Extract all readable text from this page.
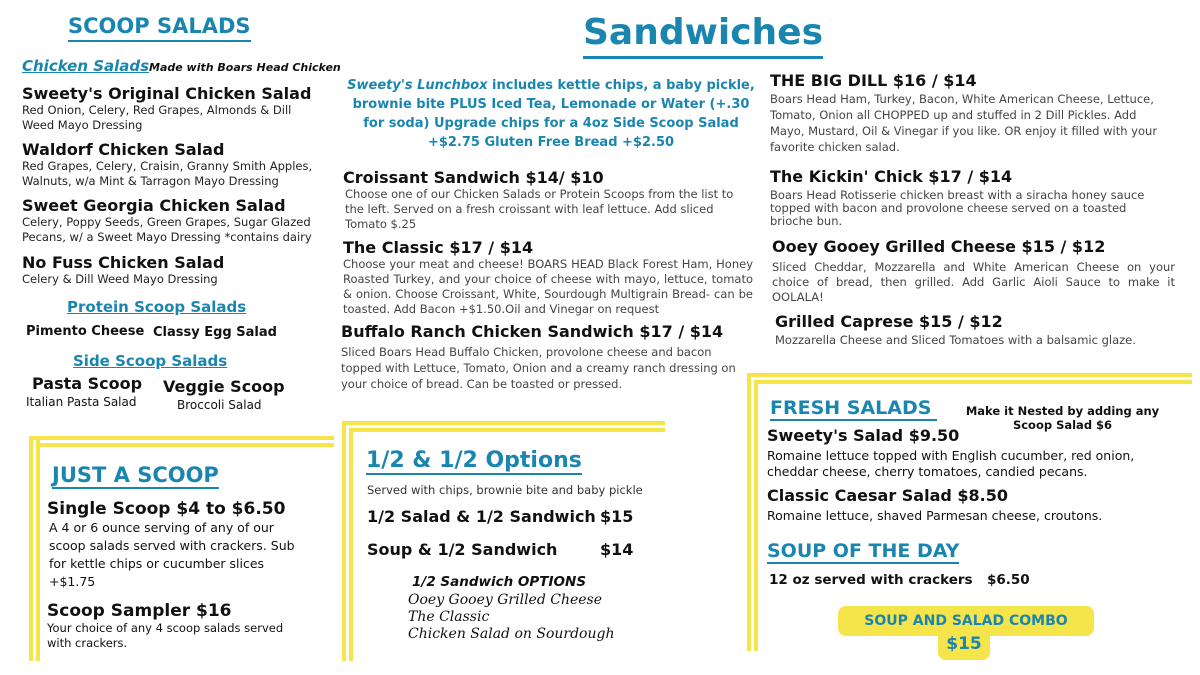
SCOOP SALADS
Chicken Salads Made with Boars Head Chicken
Sweety's Original Chicken Salad
Red Onion, Celery, Red Grapes, Almonds & Dill Weed Mayo Dressing
Waldorf Chicken Salad
Red Grapes, Celery, Craisin, Granny Smith Apples, Walnuts, w/a Mint & Tarragon Mayo Dressing
Sweet Georgia Chicken Salad
Celery, Poppy Seeds, Green Grapes, Sugar Glazed Pecans, w/ a Sweet Mayo Dressing *contains dairy
No Fuss Chicken Salad
Celery & Dill Weed Mayo Dressing
Protein Scoop Salads
Pimento Cheese Classy Egg Salad
Side Scoop Salads
Pasta Scoop
Italian Pasta Salad
Veggie Scoop
Broccoli Salad
JUST A SCOOP
Single Scoop $4 to $6.50
A 4 or 6 ounce serving of any of our scoop salads served with crackers. Sub for kettle chips or cucumber slices +$1.75
Scoop Sampler $16
Your choice of any 4 scoop salads served with crackers.
Sandwiches
Sweety's Lunchbox includes kettle chips, a baby pickle, brownie bite PLUS Iced Tea, Lemonade or Water (+.30 for soda) Upgrade chips for a 4oz Side Scoop Salad +$2.75 Gluten Free Bread +$2.50
Croissant Sandwich $14/ $10
Choose one of our Chicken Salads or Protein Scoops from the list to the left. Served on a fresh croissant with leaf lettuce. Add sliced Tomato $.25
The Classic $17 / $14
Choose your meat and cheese! BOARS HEAD Black Forest Ham, Honey Roasted Turkey, and your choice of cheese with mayo, lettuce, tomato & onion. Choose Croissant, White, Sourdough Multigrain Bread- can be toasted. Add Bacon +$1.50.Oil and Vinegar on request
Buffalo Ranch Chicken Sandwich $17 / $14
Sliced Boars Head Buffalo Chicken, provolone cheese and bacon topped with Lettuce, Tomato, Onion and a creamy ranch dressing on your choice of bread. Can be toasted or pressed.
1/2 & 1/2 Options
Served with chips, brownie bite and baby pickle
1/2 Salad & 1/2 Sandwich $15
Soup & 1/2 Sandwich	$14
1/2 Sandwich OPTIONS
Ooey Gooey Grilled Cheese
The Classic
Chicken Salad on Sourdough
THE BIG DILL $16 / $14
Boars Head Ham, Turkey, Bacon, White American Cheese, Lettuce, Tomato, Onion all CHOPPED up and stuffed in 2 Dill Pickles. Add Mayo, Mustard, Oil & Vinegar if you like. OR enjoy it filled with your favorite chicken salad.
The Kickin' Chick $17 / $14
Boars Head Rotisserie chicken breast with a siracha honey sauce topped with bacon and provolone cheese served on a toasted brioche bun.
Ooey Gooey Grilled Cheese $15 / $12
Sliced Cheddar, Mozzarella and White American Cheese on your choice of bread, then grilled. Add Garlic Aioli Sauce to make it OOLALA!
Grilled Caprese $15 / $12
Mozzarella Cheese and Sliced Tomatoes with a balsamic glaze.
FRESH SALADS	Make it Nested by adding any Scoop Salad $6
Sweety's Salad $9.50
Romaine lettuce topped with English cucumber, red onion, cheddar cheese, cherry tomatoes, candied pecans.
Classic Caesar Salad $8.50
Romaine lettuce, shaved Parmesan cheese, croutons.
SOUP OF THE DAY
12 oz served with crackers $6.50
SOUP AND SALAD COMBO
$15
